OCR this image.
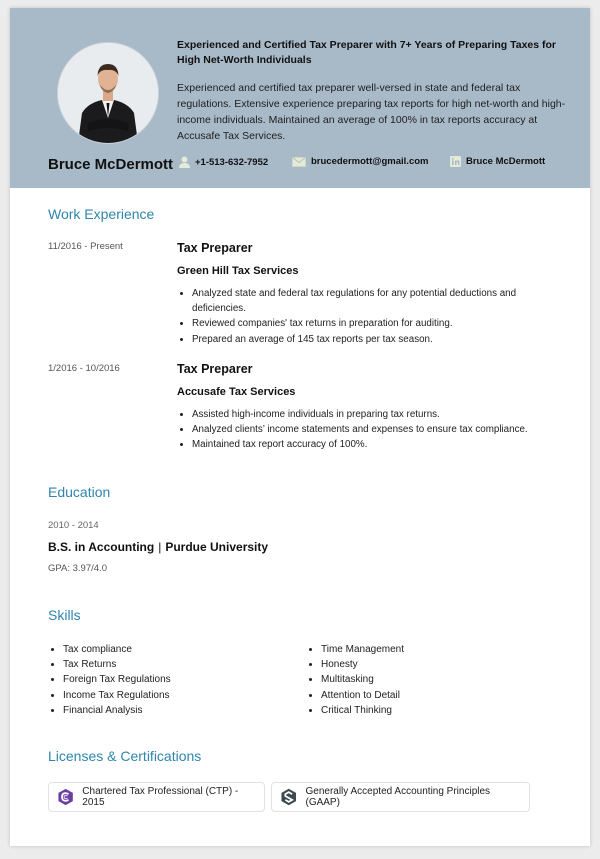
Bruce McDermott
Experienced and Certified Tax Preparer with 7+ Years of Preparing Taxes for High Net-Worth Individuals
Experienced and certified tax preparer well-versed in state and federal tax regulations. Extensive experience preparing tax reports for high net-worth and high-income individuals. Maintained an average of 100% in tax reports accuracy at Accusafe Tax Services.
+1-513-632-7952	brucedermott@gmail.com	Bruce McDermott
Work Experience
11/2016 - Present	Tax Preparer
Green Hill Tax Services
• Analyzed state and federal tax regulations for any potential deductions and deficiencies.
• Reviewed companies' tax returns in preparation for auditing.
• Prepared an average of 145 tax reports per tax season.
1/2016 - 10/2016	Tax Preparer
Accusafe Tax Services
• Assisted high-income individuals in preparing tax returns.
• Analyzed clients’ income statements and expenses to ensure tax compliance.
• Maintained tax report accuracy of 100%.
Education
2010 - 2014
B.S. in Accounting | Purdue University
GPA: 3.97/4.0
Skills
• Tax compliance
• Tax Returns
• Foreign Tax Regulations
• Income Tax Regulations
• Financial Analysis
• Time Management
• Honesty
• Multitasking
• Attention to Detail
• Critical Thinking
Licenses & Certifications
Chartered Tax Professional (CTP) - 2015
Generally Accepted Accounting Principles (GAAP)
